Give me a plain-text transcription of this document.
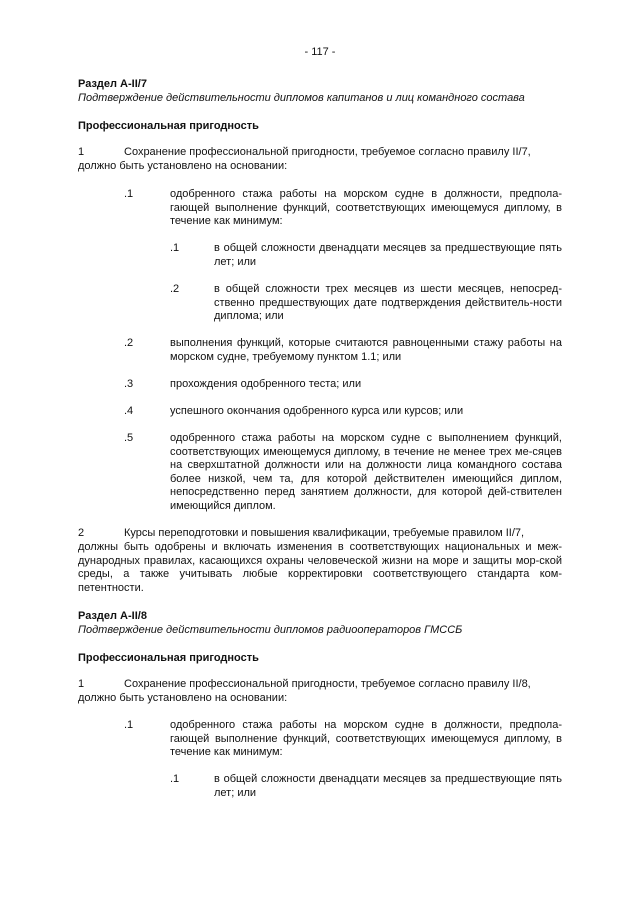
- 117 -
Раздел A-II/7
Подтверждение действительности дипломов капитанов и лиц командного состава
Профессиональная пригодность
1	Сохранение профессиональной пригодности, требуемое согласно правилу II/7,
должно быть установлено на основании:
.1	одобренного стажа работы на морском судне в должности, предпола-гающей выполнение функций, соответствующих имеющемуся диплому, в течение как минимум:
.1	в общей сложности двенадцати месяцев за предшествующие пять лет; или
.2	в общей сложности трех месяцев из шести месяцев, непосред-ственно предшествующих дате подтверждения действитель-ности диплома; или
.2	выполнения функций, которые считаются равноценными стажу работы на морском судне, требуемому пунктом 1.1; или
.3	прохождения одобренного теста; или
.4	успешного окончания одобренного курса или курсов; или
.5	одобренного стажа работы на морском судне с выполнением функций, соответствующих имеющемуся диплому, в течение не менее трех ме-сяцев на сверхштатной должности или на должности лица командного состава более низкой, чем та, для которой действителен имеющийся диплом, непосредственно перед занятием должности, для которой дей-ствителен имеющийся диплом.
2	Курсы переподготовки и повышения квалификации, требуемые правилом II/7,
должны быть одобрены и включать изменения в соответствующих национальных и меж-дународных правилах, касающихся охраны человеческой жизни на море и защиты мор-ской среды, а также учитывать любые корректировки соответствующего стандарта ком-петентности.
Раздел A-II/8
Подтверждение действительности дипломов радиооператоров ГМССБ
Профессиональная пригодность
1	Сохранение профессиональной пригодности, требуемое согласно правилу II/8,
должно быть установлено на основании:
.1	одобренного стажа работы на морском судне в должности, предпола-гающей выполнение функций, соответствующих имеющемуся диплому, в течение как минимум:
.1	в общей сложности двенадцати месяцев за предшествующие пять лет; или
